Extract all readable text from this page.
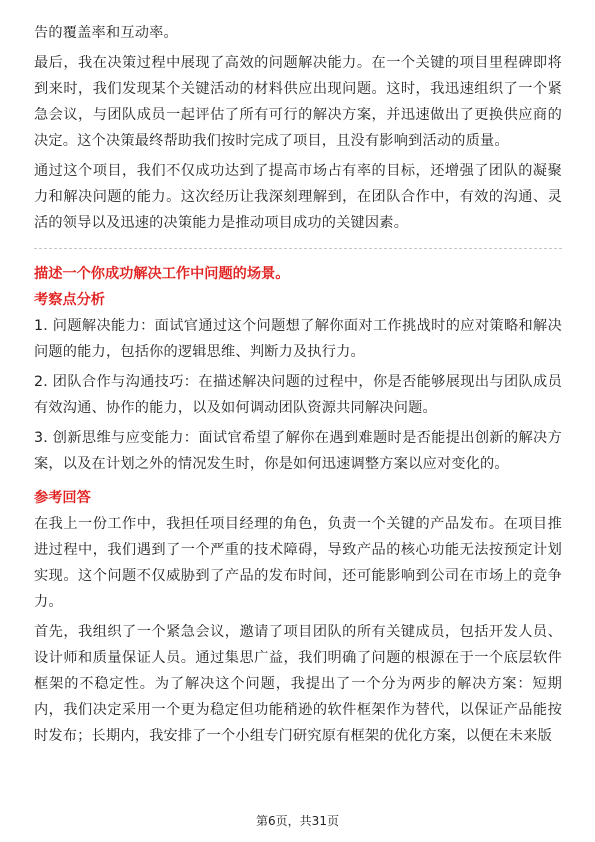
告的覆盖率和互动率。

最后，我在决策过程中展现了高效的问题解决能力。在一个关键的项目里程碑即将到来时，我们发现某个关键活动的材料供应出现问题。这时，我迅速组织了一个紧急会议，与团队成员一起评估了所有可行的解决方案，并迅速做出了更换供应商的决定。这个决策最终帮助我们按时完成了项目，且没有影响到活动的质量。

通过这个项目，我们不仅成功达到了提高市场占有率的目标，还增强了团队的凝聚力和解决问题的能力。这次经历让我深刻理解到，在团队合作中，有效的沟通、灵活的领导以及迅速的决策能力是推动项目成功的关键因素。

描述一个你成功解决工作中问题的场景。

考察点分析

1. 问题解决能力：面试官通过这个问题想了解你面对工作挑战时的应对策略和解决问题的能力，包括你的逻辑思维、判断力及执行力。

2. 团队合作与沟通技巧：在描述解决问题的过程中，你是否能够展现出与团队成员有效沟通、协作的能力，以及如何调动团队资源共同解决问题。

3. 创新思维与应变能力：面试官希望了解你在遇到难题时是否能提出创新的解决方案，以及在计划之外的情况发生时，你是如何迅速调整方案以应对变化的。

参考回答

在我上一份工作中，我担任项目经理的角色，负责一个关键的产品发布。在项目推进过程中，我们遇到了一个严重的技术障碍，导致产品的核心功能无法按预定计划实现。这个问题不仅威胁到了产品的发布时间，还可能影响到公司在市场上的竞争力。

首先，我组织了一个紧急会议，邀请了项目团队的所有关键成员，包括开发人员、设计师和质量保证人员。通过集思广益，我们明确了问题的根源在于一个底层软件框架的不稳定性。为了解决这个问题，我提出了一个分为两步的解决方案：短期内，我们决定采用一个更为稳定但功能稍逊的软件框架作为替代，以保证产品能按时发布；长期内，我安排了一个小组专门研究原有框架的优化方案，以便在未来版

第6页，共31页
